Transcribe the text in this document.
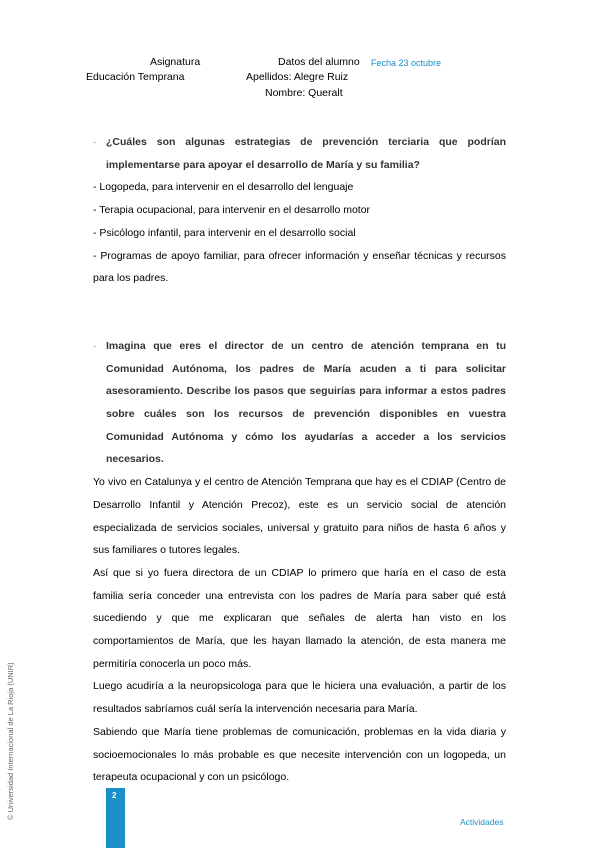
Asignatura
Educación Temprana
Datos del alumno Fecha 23 octubre
Apellidos: Alegre Ruiz
Nombre: Queralt

· ¿Cuáles son algunas estrategias de prevención terciaria que podrían implementarse para apoyar el desarrollo de María y su familia?

- Logopeda, para intervenir en el desarrollo del lenguaje

- Terapia ocupacional, para intervenir en el desarrollo motor

- Psicólogo infantil, para intervenir en el desarrollo social

- Programas de apoyo familiar, para ofrecer información y enseñar técnicas y recursos para los padres.

· Imagina que eres el director de un centro de atención temprana en tu Comunidad Autónoma, los padres de María acuden a ti para solicitar asesoramiento. Describe los pasos que seguirías para informar a estos padres sobre cuáles son los recursos de prevención disponibles en vuestra Comunidad Autónoma y cómo los ayudarías a acceder a los servicios necesarios.

Yo vivo en Catalunya y el centro de Atención Temprana que hay es el CDIAP (Centro de Desarrollo Infantil y Atención Precoz), este es un servicio social de atención especializada de servicios sociales, universal y gratuito para niños de hasta 6 años y sus familiares o tutores legales.

Así que si yo fuera directora de un CDIAP lo primero que haría en el caso de esta familia sería conceder una entrevista con los padres de María para saber qué está sucediendo y que me explicaran que señales de alerta han visto en los comportamientos de María, que les hayan llamado la atención, de esta manera me permitiría conocerla un poco más.

Luego acudiría a la neuropsicologa para que le hiciera una evaluación, a partir de los resultados sabríamos cuál sería la intervención necesaria para María.

Sabiendo que María tiene problemas de comunicación, problemas en la vida diaria y socioemocionales lo más probable es que necesite intervención con un logopeda, un terapeuta ocupacional y con un psicólogo.

© Universidad Internacional de La Rioja (UNIR)	2
Actividades
